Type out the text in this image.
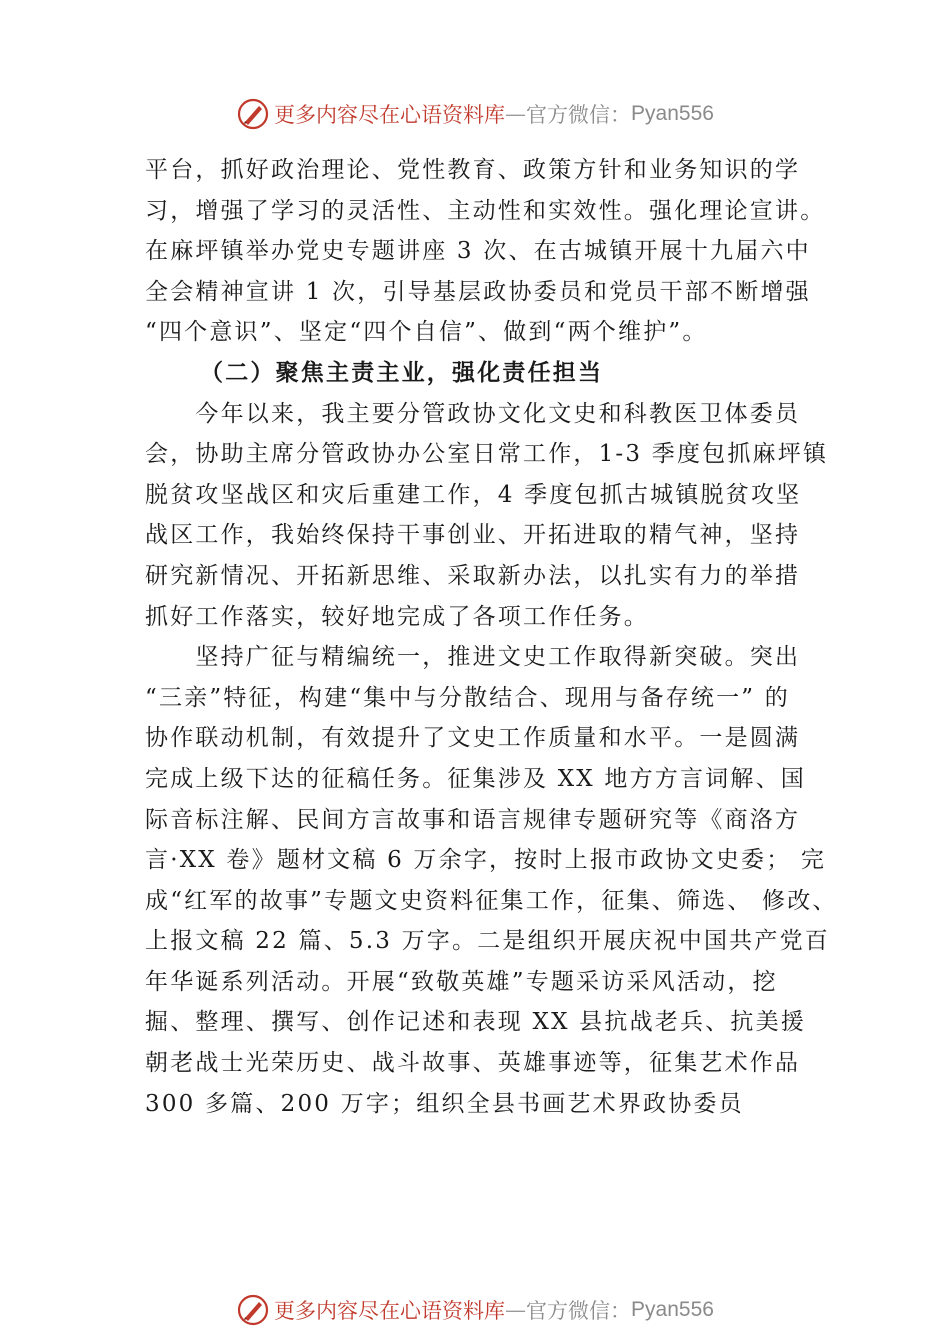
更多内容尽在心语资料库 — 官方微信： Pyan556
平台，抓好政治理论、党性教育、政策方针和业务知识的学
习，增强了学习的灵活性、主动性和实效性。强化理论宣讲。
在麻坪镇举办党史专题讲座 3 次、在古城镇开展十九届六中
全会精神宣讲 1 次，引导基层政协委员和党员干部不断增强
“四个意识”、坚定“四个自信”、做到“两个维护”。
（二）聚焦主责主业，强化责任担当
　　今年以来，我主要分管政协文化文史和科教医卫体委员
会，协助主席分管政协办公室日常工作，1-3 季度包抓麻坪镇
脱贫攻坚战区和灾后重建工作，4 季度包抓古城镇脱贫攻坚
战区工作，我始终保持干事创业、开拓进取的精气神，坚持
研究新情况、开拓新思维、采取新办法，以扎实有力的举措
抓好工作落实，较好地完成了各项工作任务。
　　坚持广征与精编统一，推进文史工作取得新突破。突出
“三亲”特征，构建“集中与分散结合、现用与备存统一” 的
协作联动机制，有效提升了文史工作质量和水平。一是圆满
完成上级下达的征稿任务。征集涉及 XX 地方方言词解、国
际音标注解、民间方言故事和语言规律专题研究等《商洛方
言·XX 卷》题材文稿 6 万余字，按时上报市政协文史委； 完
成“红军的故事”专题文史资料征集工作，征集、筛选、 修改、
上报文稿 22 篇、5.3 万字。二是组织开展庆祝中国共产党百
年华诞系列活动。开展“致敬英雄”专题采访采风活动，挖
掘、整理、撰写、创作记述和表现 XX 县抗战老兵、抗美援
朝老战士光荣历史、战斗故事、英雄事迹等，征集艺术作品
300 多篇、200 万字；组织全县书画艺术界政协委员
更多内容尽在心语资料库 — 官方微信： Pyan556
